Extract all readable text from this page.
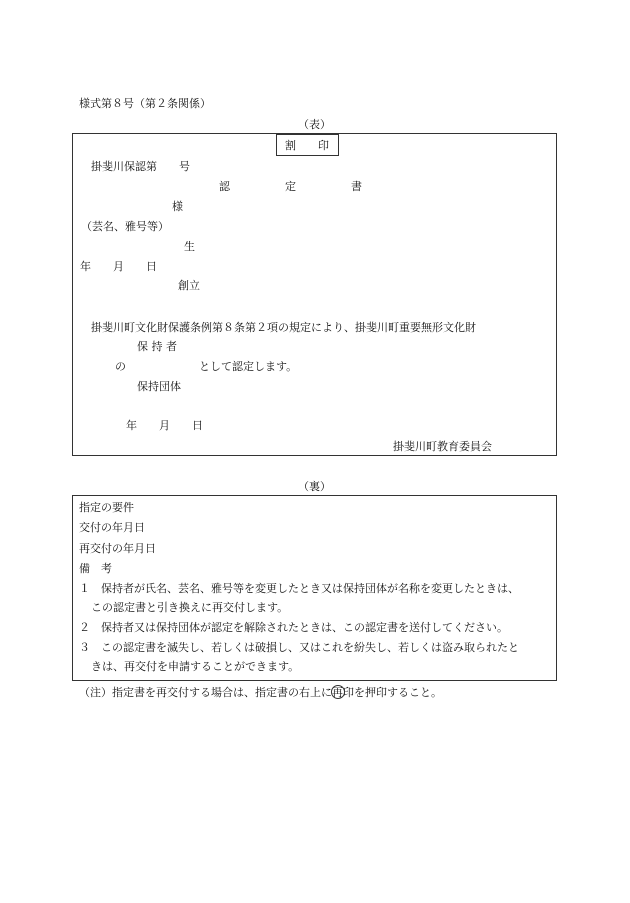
様式第８号（第２条関係）
（表）
割　　印
掛斐川保認第　　号
認　　　　　定　　　　　書
様
（芸名、雅号等）
生
年　　月　　日
創立
掛斐川町文化財保護条例第８条第２項の規定により、掛斐川町重要無形文化財
保 持 者
の	として認定します。
保持団体
年　　月　　日
掛斐川町教育委員会
（裏）
指定の要件
交付の年月日
再交付の年月日
備　考
１　保持者が氏名、芸名、雅号等を変更したとき又は保持団体が名称を変更したときは、
この認定書と引き換えに再交付します。
２　保持者又は保持団体が認定を解除されたときは、この認定書を送付してください。
３　この認定書を滅失し、若しくは破損し、又はこれを紛失し、若しくは盗み取られたと
きは、再交付を申請することができます。
（注）指定書を再交付する場合は、指定書の右上に
再印を押印すること。
